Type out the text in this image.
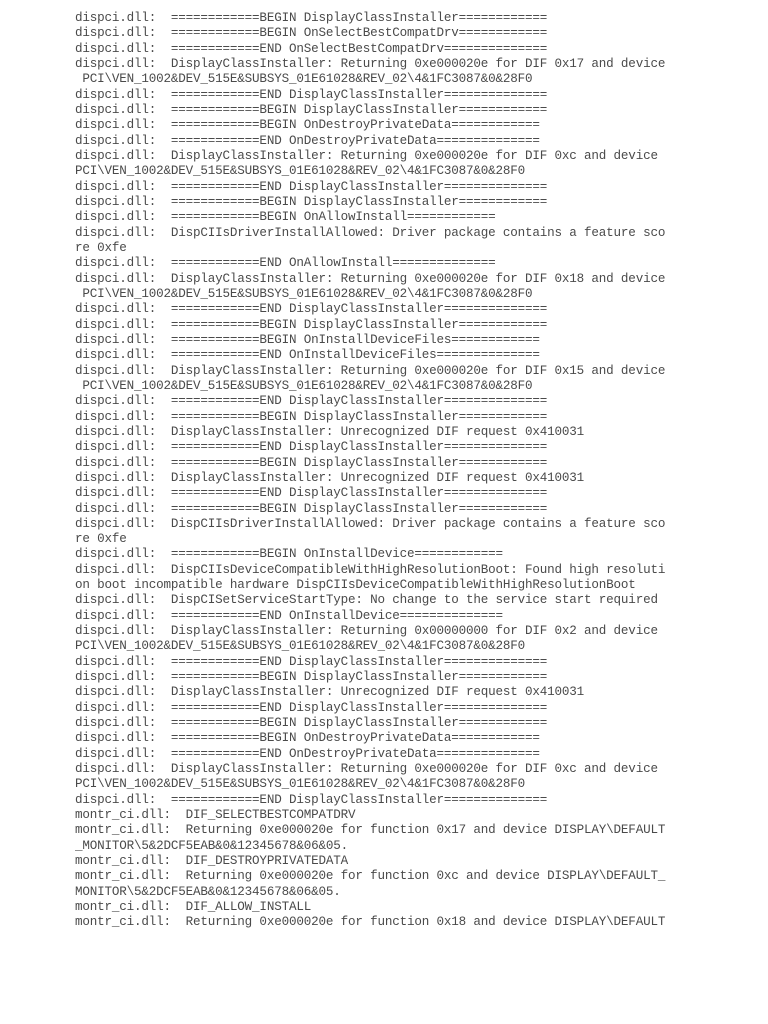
dispci.dll:  ============BEGIN DisplayClassInstaller============
dispci.dll:  ============BEGIN OnSelectBestCompatDrv============
dispci.dll:  ============END OnSelectBestCompatDrv==============
dispci.dll:  DisplayClassInstaller: Returning 0xe000020e for DIF 0x17 and device
PCI\VEN_1002&DEV_515E&SUBSYS_01E61028&REV_02\4&1FC3087&0&28F0
dispci.dll:  ============END DisplayClassInstaller==============
dispci.dll:  ============BEGIN DisplayClassInstaller============
dispci.dll:  ============BEGIN OnDestroyPrivateData============
dispci.dll:  ============END OnDestroyPrivateData==============
dispci.dll:  DisplayClassInstaller: Returning 0xe000020e for DIF 0xc and device
PCI\VEN_1002&DEV_515E&SUBSYS_01E61028&REV_02\4&1FC3087&0&28F0
dispci.dll:  ============END DisplayClassInstaller==============
dispci.dll:  ============BEGIN DisplayClassInstaller============
dispci.dll:  ============BEGIN OnAllowInstall============
dispci.dll:  DispCIIsDriverInstallAllowed: Driver package contains a feature sco
re 0xfe
dispci.dll:  ============END OnAllowInstall==============
dispci.dll:  DisplayClassInstaller: Returning 0xe000020e for DIF 0x18 and device
PCI\VEN_1002&DEV_515E&SUBSYS_01E61028&REV_02\4&1FC3087&0&28F0
dispci.dll:  ============END DisplayClassInstaller==============
dispci.dll:  ============BEGIN DisplayClassInstaller============
dispci.dll:  ============BEGIN OnInstallDeviceFiles============
dispci.dll:  ============END OnInstallDeviceFiles==============
dispci.dll:  DisplayClassInstaller: Returning 0xe000020e for DIF 0x15 and device
PCI\VEN_1002&DEV_515E&SUBSYS_01E61028&REV_02\4&1FC3087&0&28F0
dispci.dll:  ============END DisplayClassInstaller==============
dispci.dll:  ============BEGIN DisplayClassInstaller============
dispci.dll:  DisplayClassInstaller: Unrecognized DIF request 0x410031
dispci.dll:  ============END DisplayClassInstaller==============
dispci.dll:  ============BEGIN DisplayClassInstaller============
dispci.dll:  DisplayClassInstaller: Unrecognized DIF request 0x410031
dispci.dll:  ============END DisplayClassInstaller==============
dispci.dll:  ============BEGIN DisplayClassInstaller============
dispci.dll:  DispCIIsDriverInstallAllowed: Driver package contains a feature sco
re 0xfe
dispci.dll:  ============BEGIN OnInstallDevice============
dispci.dll:  DispCIIsDeviceCompatibleWithHighResolutionBoot: Found high resoluti
on boot incompatible hardware DispCIIsDeviceCompatibleWithHighResolutionBoot
dispci.dll:  DispCISetServiceStartType: No change to the service start required
dispci.dll:  ============END OnInstallDevice==============
dispci.dll:  DisplayClassInstaller: Returning 0x00000000 for DIF 0x2 and device
PCI\VEN_1002&DEV_515E&SUBSYS_01E61028&REV_02\4&1FC3087&0&28F0
dispci.dll:  ============END DisplayClassInstaller==============
dispci.dll:  ============BEGIN DisplayClassInstaller============
dispci.dll:  DisplayClassInstaller: Unrecognized DIF request 0x410031
dispci.dll:  ============END DisplayClassInstaller==============
dispci.dll:  ============BEGIN DisplayClassInstaller============
dispci.dll:  ============BEGIN OnDestroyPrivateData============
dispci.dll:  ============END OnDestroyPrivateData==============
dispci.dll:  DisplayClassInstaller: Returning 0xe000020e for DIF 0xc and device
PCI\VEN_1002&DEV_515E&SUBSYS_01E61028&REV_02\4&1FC3087&0&28F0
dispci.dll:  ============END DisplayClassInstaller==============
montr_ci.dll:  DIF_SELECTBESTCOMPATDRV
montr_ci.dll:  Returning 0xe000020e for function 0x17 and device DISPLAY\DEFAULT
_MONITOR\5&2DCF5EAB&0&12345678&06&05.
montr_ci.dll:  DIF_DESTROYPRIVATEDATA
montr_ci.dll:  Returning 0xe000020e for function 0xc and device DISPLAY\DEFAULT_
MONITOR\5&2DCF5EAB&0&12345678&06&05.
montr_ci.dll:  DIF_ALLOW_INSTALL
montr_ci.dll:  Returning 0xe000020e for function 0x18 and device DISPLAY\DEFAULT
